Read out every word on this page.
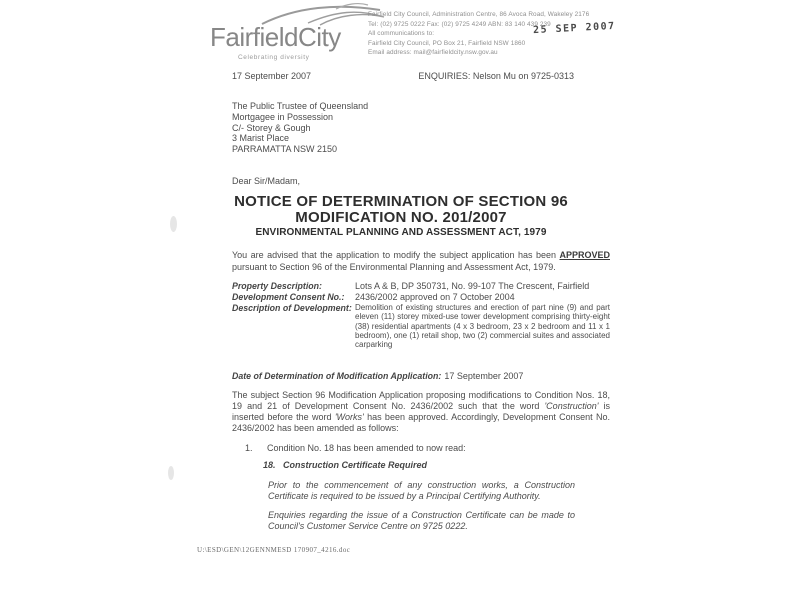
FairfieldCity
Celebrating diversity
Fairfield City Council, Administration Centre, 86 Avoca Road, Wakeley 2176
Tel: (02) 9725 0222 Fax: (02) 9725 4249 ABN: 83 140 439 239
All communications to:
Fairfield City Council, PO Box 21, Fairfield NSW 1860
Email address: mail@fairfieldcity.nsw.gov.au
25 SEP 2007
17 September 2007	ENQUIRIES: Nelson Mu on 9725-0313
The Public Trustee of Queensland
Mortgagee in Possession
C/- Storey & Gough
3 Marist Place
PARRAMATTA NSW 2150
Dear Sir/Madam,
NOTICE OF DETERMINATION OF SECTION 96
MODIFICATION NO. 201/2007
ENVIRONMENTAL PLANNING AND ASSESSMENT ACT, 1979

You are advised that the application to modify the subject application has been APPROVED pursuant to Section 96 of the Environmental Planning and Assessment Act, 1979.

Property Description:	Lots A & B, DP 350731, No. 99-107 The Crescent, Fairfield
Development Consent No.:	2436/2002 approved on 7 October 2004
Description of Development: Demolition of existing structures and erection of part nine (9) and part eleven (11) storey mixed-use tower development comprising thirty-eight (38) residential apartments (4 x 3 bedroom, 23 x 2 bedroom and 11 x 1 bedroom), one (1) retail shop, two (2) commercial suites and associated carparking
Date of Determination of Modification Application: 17 September 2007

The subject Section 96 Modification Application proposing modifications to Condition Nos. 18, 19 and 21 of Development Consent No. 2436/2002 such that the word 'Construction' is inserted before the word 'Works' has been approved. Accordingly, Development Consent No. 2436/2002 has been amended as follows:

1.	Condition No. 18 has been amended to now read:
18. Construction Certificate Required

Prior to the commencement of any construction works, a Construction Certificate is required to be issued by a Principal Certifying Authority.

Enquiries regarding the issue of a Construction Certificate can be made to Council's Customer Service Centre on 9725 0222.

U:\ESD\GEN\12GENNMESD 170907_4216.doc
